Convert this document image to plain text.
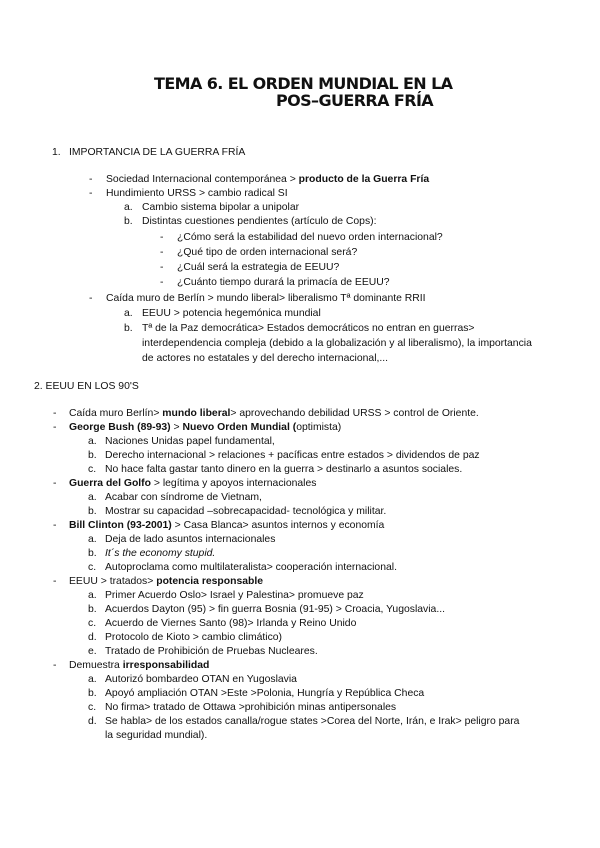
TEMA 6. EL ORDEN MUNDIAL EN LA
POS–GUERRA FRÍA
1. IMPORTANCIA DE LA GUERRA FRÍA
- Sociedad Internacional contemporánea > producto de la Guerra Fría
- Hundimiento URSS > cambio radical SI
a. Cambio sistema bipolar a unipolar
b. Distintas cuestiones pendientes (artículo de Cops):
- ¿Cómo será la estabilidad del nuevo orden internacional?
- ¿Qué tipo de orden internacional será?
- ¿Cuál será la estrategia de EEUU?
- ¿Cuánto tiempo durará la primacía de EEUU?
- Caída muro de Berlín > mundo liberal> liberalismo Tª dominante RRII
a. EEUU > potencia hegemónica mundial
b. Tª de la Paz democrática> Estados democráticos no entran en guerras>
interdependencia compleja (debido a la globalización y al liberalismo), la importancia
de actores no estatales y del derecho internacional,...
2. EEUU EN LOS 90'S
- Caída muro Berlín> mundo liberal> aprovechando debilidad URSS > control de Oriente.
- George Bush (89-93) > Nuevo Orden Mundial (optimista)
a. Naciones Unidas papel fundamental,
b. Derecho internacional > relaciones + pacíficas entre estados > dividendos de paz
c. No hace falta gastar tanto dinero en la guerra > destinarlo a asuntos sociales.
- Guerra del Golfo > legítima y apoyos internacionales
a. Acabar con síndrome de Vietnam,
b. Mostrar su capacidad –sobrecapacidad- tecnológica y militar.
- Bill Clinton (93-2001) > Casa Blanca> asuntos internos y economía
a. Deja de lado asuntos internacionales
b. It´s the economy stupid.
c. Autoproclama como multilateralista> cooperación internacional.
- EEUU > tratados> potencia responsable
a. Primer Acuerdo Oslo> Israel y Palestina> promueve paz
b. Acuerdos Dayton (95) > fin guerra Bosnia (91-95) > Croacia, Yugoslavia...
c. Acuerdo de Viernes Santo (98)> Irlanda y Reino Unido
d. Protocolo de Kioto > cambio climático)
e. Tratado de Prohibición de Pruebas Nucleares.
- Demuestra irresponsabilidad
a. Autorizó bombardeo OTAN en Yugoslavia
b. Apoyó ampliación OTAN >Este >Polonia, Hungría y República Checa
c. No firma> tratado de Ottawa >prohibición minas antipersonales
d. Se habla> de los estados canalla/rogue states >Corea del Norte, Irán, e Irak> peligro para
la seguridad mundial).
